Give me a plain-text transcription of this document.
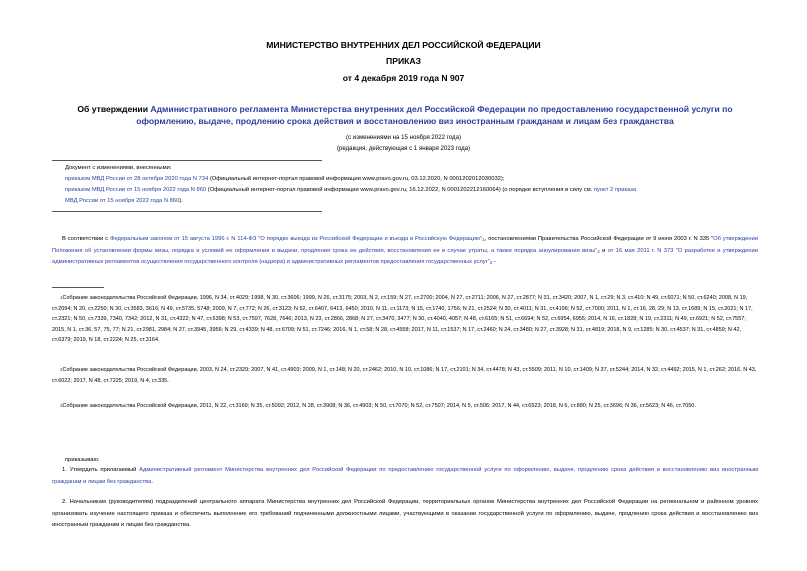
МИНИСТЕРСТВО ВНУТРЕННИХ ДЕЛ РОССИЙСКОЙ ФЕДЕРАЦИИ
ПРИКАЗ
от 4 декабря 2019 года N 907
Об утверждении Административного регламента Министерства внутренних дел Российской Федерации по предоставлению государственной услуги по оформлению, выдаче, продлению срока действия и восстановлению виз иностранным гражданам и лицам без гражданства
(с изменениями на 15 ноября 2022 года)
(редакция, действующая с 1 января 2023 года)
Документ с изменениями, внесенными:
приказом МВД России от 28 октября 2020 года N 734 (Официальный интернет-портал правовой информации www.pravo.gov.ru, 03.12.2020, N 0001202012030032);
приказом МВД России от 15 ноября 2022 года N 860 (Официальный интернет-портал правовой информации www.pravo.gov.ru, 16.12.2022, N 0001202212160064) (о порядке вступления в силу см. пункт 2 приказа
МВД России от 15 ноября 2022 года N 860).
В соответствии с Федеральным законом от 15 августа 1996 г. N 114-ФЗ "О порядке выезда из Российской Федерации и въезда в Российскую Федерацию"$^1$, постановлениями Правительства Российской Федерации от 9 июня 2003 г. N 335 "Об утверждении Положения об установлении формы визы, порядка и условий ее оформления и выдачи, продления срока ее действия, восстановления ее в случае утраты, а также порядка аннулирования визы"$^2$ и от 16 мая 2011 г. N 373 "О разработке и утверждении административных регламентов осуществления государственного контроля (надзора) и административных регламентов предоставления государственных услуг"$^3$ -
$^1$Собрание законодательства Российской Федерации, 1996, N 34, ст.4029; 1998, N 30, ст.3606; 1999, N 26, ст.3175; 2003, N 2, ст.159; N 27, ст.2700; 2004, N 27, ст.2711; 2006, N 27, ст.2877; N 31, ст.3420; 2007, N 1, ст.29; N 3, ст.410; N 49, ст.6071; N 50, ст.6240; 2008, N 19, ст.2094; N 20, ст.2250; N 30, ст.3583, 3616; N 49, ст.5735, 5748; 2009, N 7, ст.772; N 26, ст.3123; N 52, ст.6407, 6413, 6450; 2010, N 11, ст.1173; N 15, ст.1740, 1756; N 21, ст.2524; N 30, ст.4011; N 31, ст.4196; N 52, ст.7000; 2011, N 1, ст.16, 28, 29; N 13, ст.1689; N 15, ст.2021; N 17, ст.2321; N 50, ст.7339, 7340, 7342; 2012, N 31, ст.4322; N 47, ст.6398; N 53, ст.7597, 7628, 7646; 2013, N 23, ст.2866, 2868; N 27, ст.3470, 3477; N 30, ст.4040, 4057; N 48, ст.6165; N 51, ст.6694; N 52, ст.6954, 6955; 2014, N 16, ст.1828; N 19, ст.2311; N 49, ст.6921; N 52, ст.7557; 2015, N 1, ст.36, 57, 75, 77; N 21, ст.2981, 2984; N 27, ст.3945, 3956; N 29, ст.4339; N 48, ст.6709; N 51, ст.7246; 2016, N 1, ст.58; N 28, ст.4558; 2017, N 11, ст.1537; N 17, ст.2460; N 24, ст.3480; N 27, ст.3928; N 31, ст.4819; 2018, N 9, ст.1285; N 30, ст.4537; N 31, ст.4859; N 42, ст.6379; 2019, N 18, ст.2224; N 25, ст.3164.
$^2$Собрание законодательства Российской Федерации, 2003, N 24, ст.2329; 2007, N 41, ст.4903; 2009, N 1, ст.148; N 20, ст.2462; 2010, N 10, ст.1086; N 17, ст.2101; N 34, ст.4478; N 43, ст.5509; 2011, N 10, ст.1409; N 37, ст.5244; 2014, N 32, ст.4492; 2015, N 1, ст.262; 2016, N 43, ст.6022; 2017, N 48, ст.7225; 2019, N 4, ст.335.
$^3$Собрание законодательства Российской Федерации, 2011, N 22, ст.3169; N 35, ст.5092; 2012, N 28, ст.3908; N 36, ст.4903; N 50, ст.7070; N 52, ст.7507; 2014, N 5, ст.506; 2017, N 44, ст.6523; 2018, N 6, ст.880; N 25, ст.3696; N 36, ст.5623; N 46, ст.7050.
приказываю:
1. Утвердить прилагаемый Административный регламент Министерства внутренних дел Российской Федерации по предоставлению государственной услуги по оформлению, выдаче, продлению срока действия и восстановлению виз иностранным гражданам и лицам без гражданства.
2. Начальникам (руководителям) подразделений центрального аппарата Министерства внутренних дел Российской Федерации, территориальных органов Министерства внутренних дел Российской Федерации на региональном и районном уровнях организовать изучение настоящего приказа и обеспечить выполнение его требований подчиненными должностными лицами, участвующими в оказании государственной услуги по оформлению, выдаче, продлению срока действия и восстановлению виз иностранным гражданам и лицам без гражданства.
